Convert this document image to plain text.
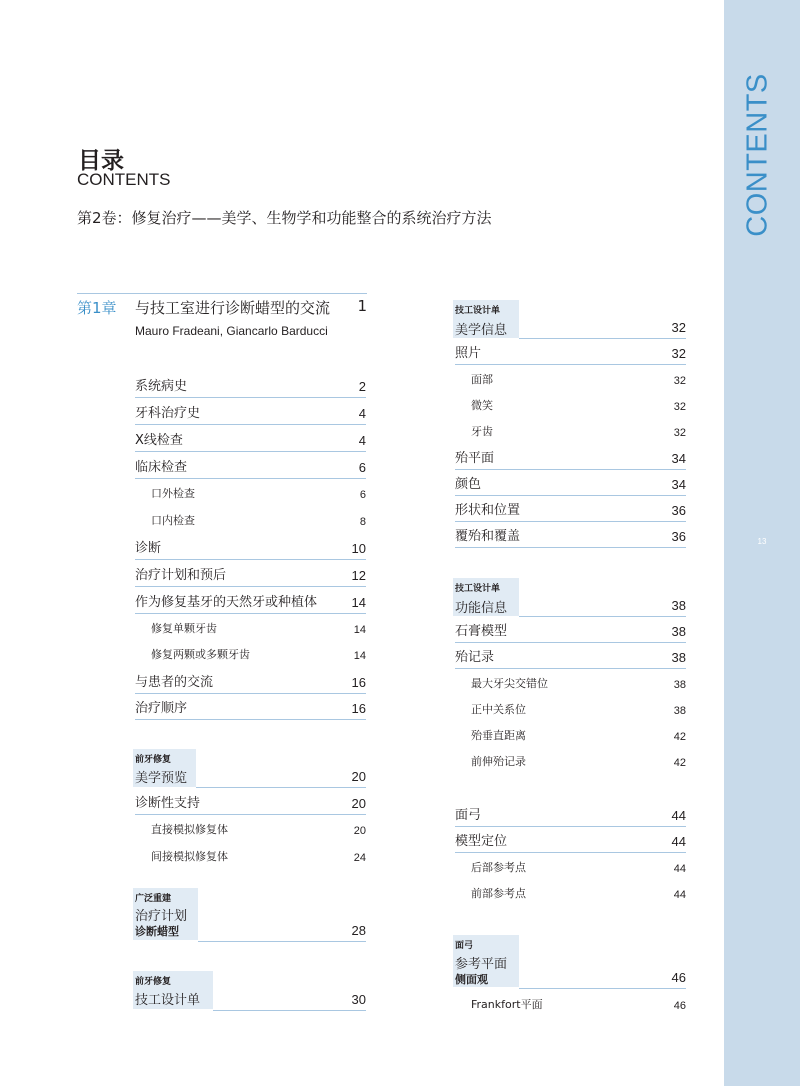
CONTENTS
13
目录
CONTENTS
第2卷：修复治疗——美学、生物学和功能整合的系统治疗方法
第1章 与技工室进行诊断蜡型的交流 1
Mauro Fradeani, Giancarlo Barducci
系统病史	2
牙科治疗史	4
X线检查	4
临床检查	6
口外检查	6
口内检查	8
诊断	10
治疗计划和预后	12
作为修复基牙的天然牙或种植体	14
修复单颗牙齿	14
修复两颗或多颗牙齿	14
与患者的交流	16
治疗顺序	16
前牙修复
美学预览	20
诊断性支持	20
直接模拟修复体	20
间接模拟修复体	24
广泛重建
治疗计划
诊断蜡型	28
前牙修复
技工设计单	30
技工设计单
美学信息	32
照片	32
面部	32
微笑	32
牙齿	32
殆平面	34
颜色	34
形状和位置	36
覆殆和覆盖	36
技工设计单
功能信息	38
石膏模型	38
殆记录	38
最大牙尖交错位	38
正中关系位	38
殆垂直距离	42
前伸殆记录	42
面弓	44
模型定位	44
后部参考点	44
前部参考点	44
面弓
参考平面
侧面观	46
Frankfort平面	46
